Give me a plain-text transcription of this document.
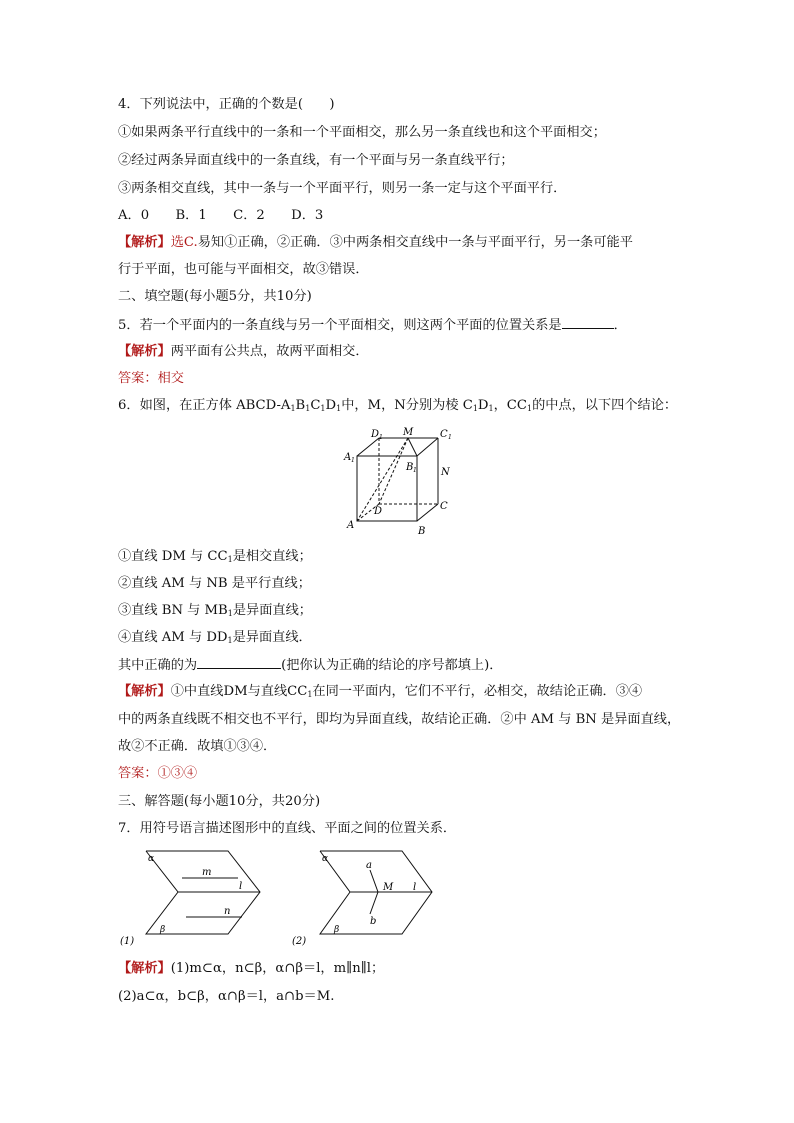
4．下列说法中，正确的个数是(　　)
①如果两条平行直线中的一条和一个平面相交，那么另一条直线也和这个平面相交；
②经过两条异面直线中的一条直线，有一个平面与另一条直线平行；
③两条相交直线，其中一条与一个平面平行，则另一条一定与这个平面平行．
A．0　　B．1　　C．2　　D．3
【解析】选C.易知①正确，②正确．③中两条相交直线中一条与平面平行，另一条可能平
行于平面，也可能与平面相交，故③错误．
二、填空题(每小题5分，共10分)
5．若一个平面内的一条直线与另一个平面相交，则这两个平面的位置关系是	．
【解析】两平面有公共点，故两平面相交．
答案：相交
6．如图，在正方体 ABCD-$A_1B_1C_1D_1$中，M，N分别为棱 $C_1D_1$，$CC_1$的中点，以下四个结论：
D 1 M	C 1
A 1
B 1 N
D	C
A
B
①直线 DM 与 $CC_1$是相交直线；
②直线 AM 与 NB 是平行直线；
③直线 BN 与 $MB_1$是异面直线；
④直线 AM 与 $DD_1$是异面直线．
其中正确的为	(把你认为正确的结论的序号都填上)．
【解析】①中直线DM与直线$CC_1$在同一平面内，它们不平行，必相交，故结论正确．③④
中的两条直线既不相交也不平行，即均为异面直线，故结论正确．②中 AM 与 BN 是异面直线，
故②不正确．故填①③④．
答案：①③④
三、解答题(每小题10分，共20分)
7．用符号语言描述图形中的直线、平面之间的位置关系．
α
β
m
n
l
(1)
α
β
a
b
M l
(2)
【解析】(1)m⊂α，n⊂β，α∩β＝l，m∥n∥l；
(2)a⊂α，b⊂β，α∩β＝l，a∩b＝M.
